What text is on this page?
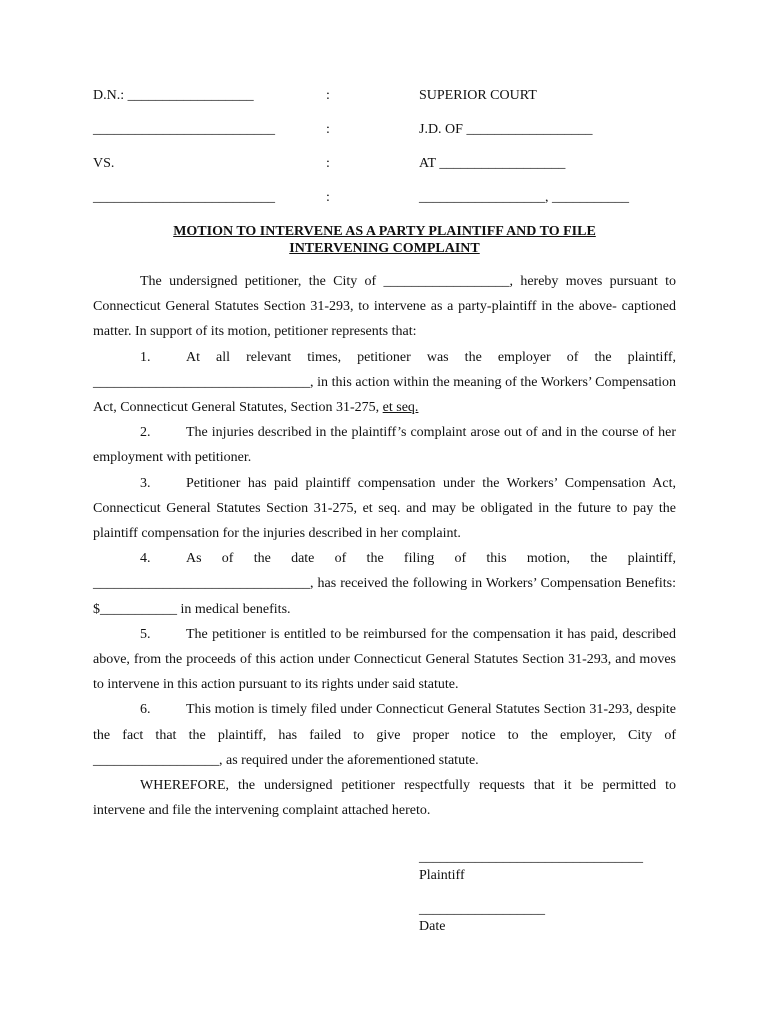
D.N.: __________________	:	SUPERIOR COURT
__________________________	:	J.D. OF __________________
VS.	:	AT __________________
__________________________	:	__________________, ___________
MOTION TO INTERVENE AS A PARTY PLAINTIFF AND TO FILE
INTERVENING COMPLAINT

The undersigned petitioner, the City of __________________, hereby moves pursuant to Connecticut General Statutes Section 31-293, to intervene as a party-plaintiff in the above- captioned matter. In support of its motion, petitioner represents that:

1.	At all relevant times, petitioner was the employer of the plaintiff, _______________________________, in this action within the meaning of the Workers’ Compensation Act, Connecticut General Statutes, Section 31-275, et seq.

2.	The injuries described in the plaintiff’s complaint arose out of and in the course of her employment with petitioner.

3.	Petitioner has paid plaintiff compensation under the Workers’ Compensation Act, Connecticut General Statutes Section 31-275, et seq. and may be obligated in the future to pay the plaintiff compensation for the injuries described in her complaint.

4.	As of the date of the filing of this motion, the plaintiff, _______________________________, has received the following in Workers’ Compensation Benefits: $___________ in medical benefits.

5.	The petitioner is entitled to be reimbursed for the compensation it has paid, described above, from the proceeds of this action under Connecticut General Statutes Section 31-293, and moves to intervene in this action pursuant to its rights under said statute.

6.	This motion is timely filed under Connecticut General Statutes Section 31-293, despite the fact that the plaintiff, has failed to give proper notice to the employer, City of __________________, as required under the aforementioned statute.

WHEREFORE, the undersigned petitioner respectfully requests that it be permitted to intervene and file the intervening complaint attached hereto.

________________________________
Plaintiff
__________________
Date
